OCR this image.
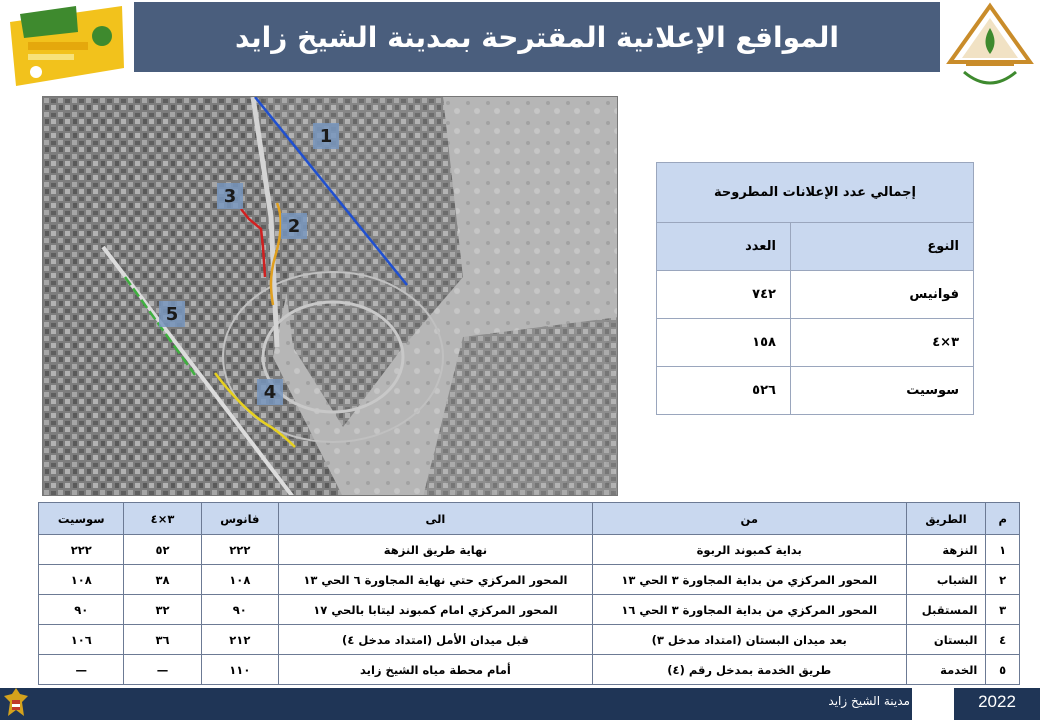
المواقع الإعلانية المقترحة بمدينة الشيخ زايد
1
2
3
4
5
إجمالي عدد الإعلانات المطروحة	
النوع	العدد
فوانيس	٧٤٢
٣×٤	١٥٨
سوسيت	٥٢٦
م	الطريق	من	الى	فانوس	٣×٤	سوسيت
١	النزهة	بداية كمبوند الربوة	نهاية طريق النزهة	٢٢٢	٥٢	٢٢٢
٢	الشباب	المحور المركزي من بداية المجاورة ٣ الحي ١٣	المحور المركزي حتي نهاية المجاورة ٦ الحي ١٣	١٠٨	٣٨	١٠٨
٣	المستقبل	المحور المركزي من بداية المجاورة ٣ الحي ١٦	المحور المركزي امام كمبوند ليتابا بالحي ١٧	٩٠	٣٢	٩٠
٤	البستان	بعد ميدان البستان (امتداد مدخل ٣)	قبل ميدان الأمل (امتداد مدخل ٤)	٢١٢	٣٦	١٠٦
٥	الخدمة	طريق الخدمة بمدخل رقم (٤)	أمام محطة مياه الشيخ زايد	١١٠	—	—
مدينة الشيخ زايد	2022
